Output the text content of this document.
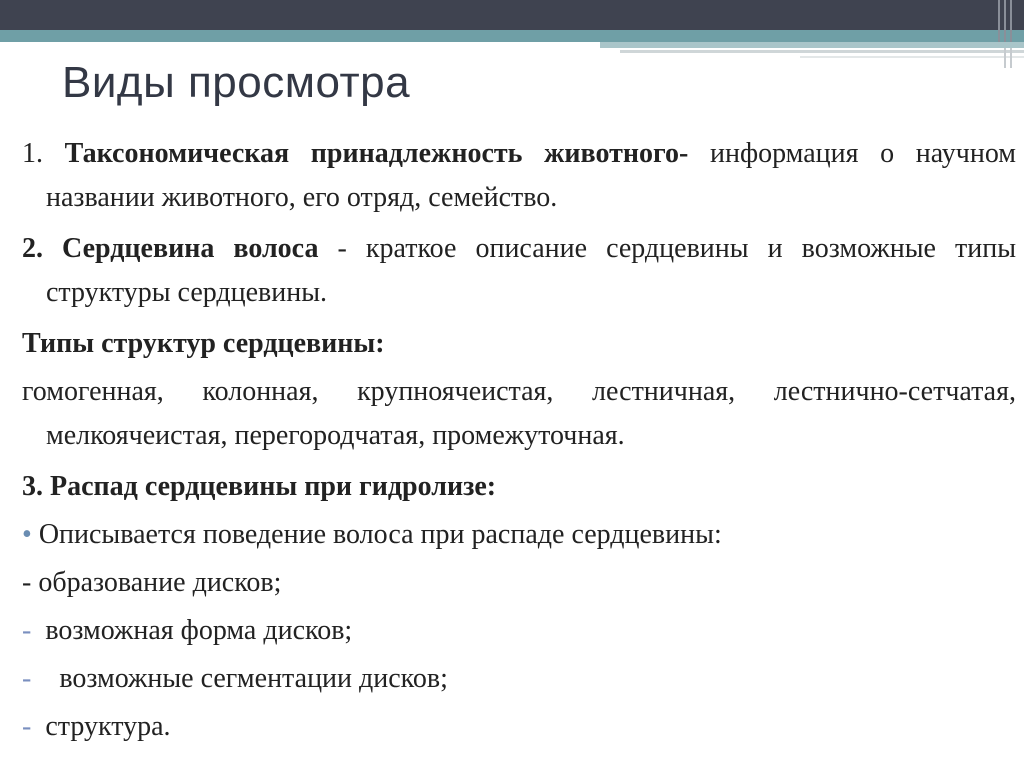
Виды просмотра

1. Таксономическая принадлежность животного- информация о научном названии животного, его отряд, семейство.

2. Сердцевина волоса - краткое описание сердцевины и возможные типы структуры сердцевины.

Типы структур сердцевины:

гомогенная, колонная, крупноячеистая, лестничная, лестнично-сетчатая, мелкоячеистая, перегородчатая, промежуточная.

3. Распад сердцевины при гидролизе:

• Описывается поведение волоса при распаде сердцевины:

- образование дисков;

- возможная форма дисков;

- возможные сегментации дисков;

- структура.
